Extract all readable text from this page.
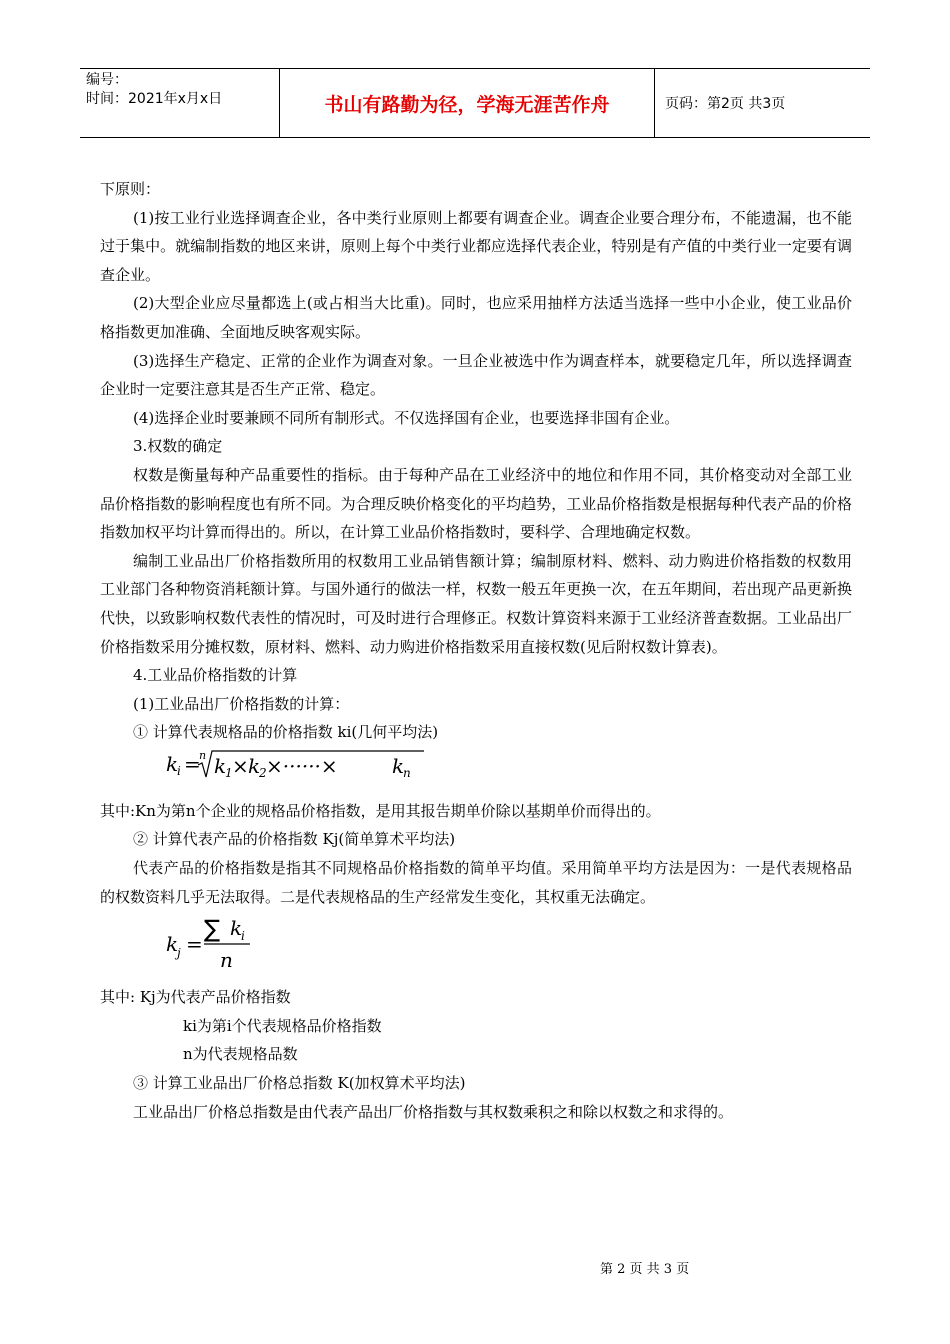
编号：
时间：2021年x月x日	书山有路勤为径，学海无涯苦作舟	页码：第2页 共3页

下原则：

(1)按工业行业选择调查企业，各中类行业原则上都要有调查企业。调查企业要合理分布，不能遗漏，也不能过于集中。就编制指数的地区来讲，原则上每个中类行业都应选择代表企业，特别是有产值的中类行业一定要有调查企业。

(2)大型企业应尽量都选上(或占相当大比重)。同时，也应采用抽样方法适当选择一些中小企业，使工业品价格指数更加准确、全面地反映客观实际。

(3)选择生产稳定、正常的企业作为调查对象。一旦企业被选中作为调查样本，就要稳定几年，所以选择调查企业时一定要注意其是否生产正常、稳定。

(4)选择企业时要兼顾不同所有制形式。不仅选择国有企业，也要选择非国有企业。

3.权数的确定

权数是衡量每种产品重要性的指标。由于每种产品在工业经济中的地位和作用不同，其价格变动对全部工业品价格指数的影响程度也有所不同。为合理反映价格变化的平均趋势，工业品价格指数是根据每种代表产品的价格指数加权平均计算而得出的。所以，在计算工业品价格指数时，要科学、合理地确定权数。

编制工业品出厂价格指数所用的权数用工业品销售额计算；编制原材料、燃料、动力购进价格指数的权数用工业部门各种物资消耗额计算。与国外通行的做法一样，权数一般五年更换一次，在五年期间，若出现产品更新换代快，以致影响权数代表性的情况时，可及时进行合理修正。权数计算资料来源于工业经济普查数据。工业品出厂价格指数采用分摊权数，原材料、燃料、动力购进价格指数采用直接权数(见后附权数计算表)。

4.工业品价格指数的计算

(1)工业品出厂价格指数的计算：

① 计算代表规格品的价格指数 ki(几何平均法)

k
i =
n k
1 × k
2 ×······×	k
n

其中:Kn为第n个企业的规格品价格指数，是用其报告期单价除以基期单价而得出的。

② 计算代表产品的价格指数 Kj(简单算术平均法)

代表产品的价格指数是指其不同规格品价格指数的简单平均值。采用简单平均方法是因为：一是代表规格品的权数资料几乎无法取得。二是代表规格品的生产经常发生变化，其权重无法确定。

k
j =
∑ k
i
n

其中: Kj为代表产品价格指数

ki为第i个代表规格品价格指数

n为代表规格品数

③ 计算工业品出厂价格总指数 K(加权算术平均法)

工业品出厂价格总指数是由代表产品出厂价格指数与其权数乘积之和除以权数之和求得的。

第 2 页 共 3 页
